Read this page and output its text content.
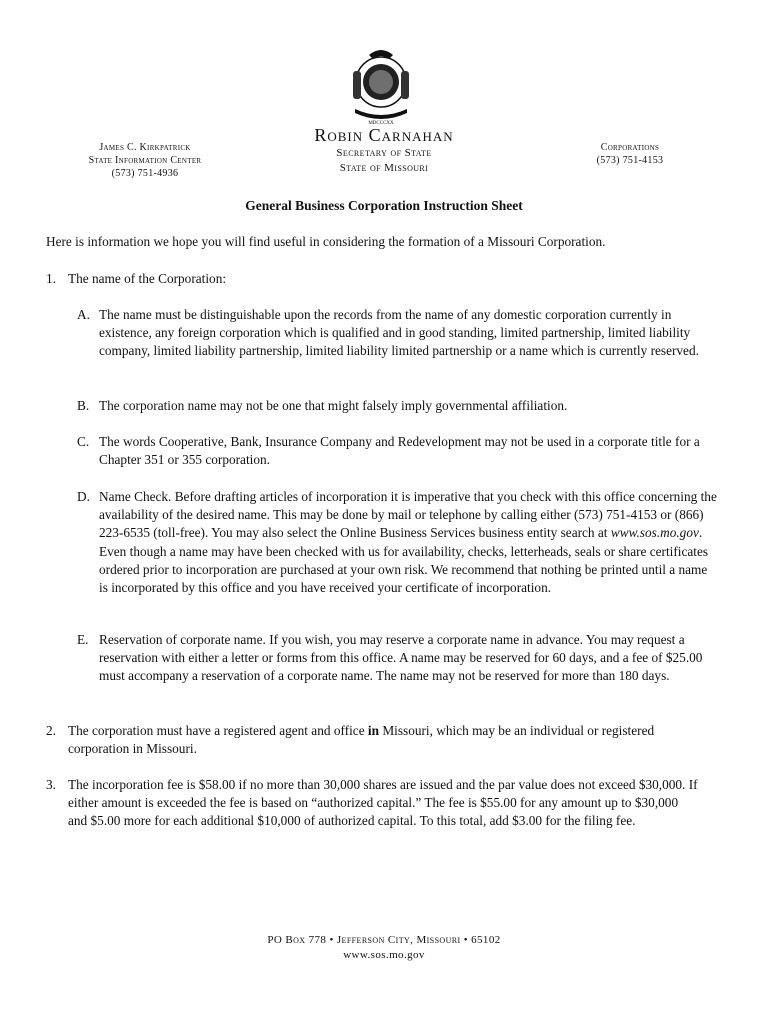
MDCCCXX
James C. Kirkpatrick
State Information Center
(573) 751-4936
Robin Carnahan
Secretary of State
State of Missouri
Corporations
(573) 751-4153
General Business Corporation Instruction Sheet
Here is information we hope you will find useful in considering the formation of a Missouri Corporation.
1. The name of the Corporation:
A. The name must be distinguishable upon the records from the name of any domestic corporation currently in existence, any foreign corporation which is qualified and in good standing, limited partnership, limited liability company, limited liability partnership, limited liability limited partnership or a name which is currently reserved.
B. The corporation name may not be one that might falsely imply governmental affiliation.
C. The words Cooperative, Bank, Insurance Company and Redevelopment may not be used in a corporate title for a Chapter 351 or 355 corporation.
D. Name Check. Before drafting articles of incorporation it is imperative that you check with this office concerning the availability of the desired name. This may be done by mail or telephone by calling either (573) 751-4153 or (866) 223-6535 (toll-free). You may also select the Online Business Services business entity search at www.sos.mo.gov. Even though a name may have been checked with us for availability, checks, letterheads, seals or share certificates ordered prior to incorporation are purchased at your own risk. We recommend that nothing be printed until a name is incorporated by this office and you have received your certificate of incorporation.
E. Reservation of corporate name. If you wish, you may reserve a corporate name in advance. You may request a reservation with either a letter or forms from this office. A name may be reserved for 60 days, and a fee of $25.00 must accompany a reservation of a corporate name. The name may not be reserved for more than 180 days.
2. The corporation must have a registered agent and office in Missouri, which may be an individual or registered corporation in Missouri.
3. The incorporation fee is $58.00 if no more than 30,000 shares are issued and the par value does not exceed $30,000. If either amount is exceeded the fee is based on “authorized capital.” The fee is $55.00 for any amount up to $30,000 and $5.00 more for each additional $10,000 of authorized capital. To this total, add $3.00 for the filing fee.
PO Box 778 • Jefferson City, Missouri • 65102
www.sos.mo.gov
